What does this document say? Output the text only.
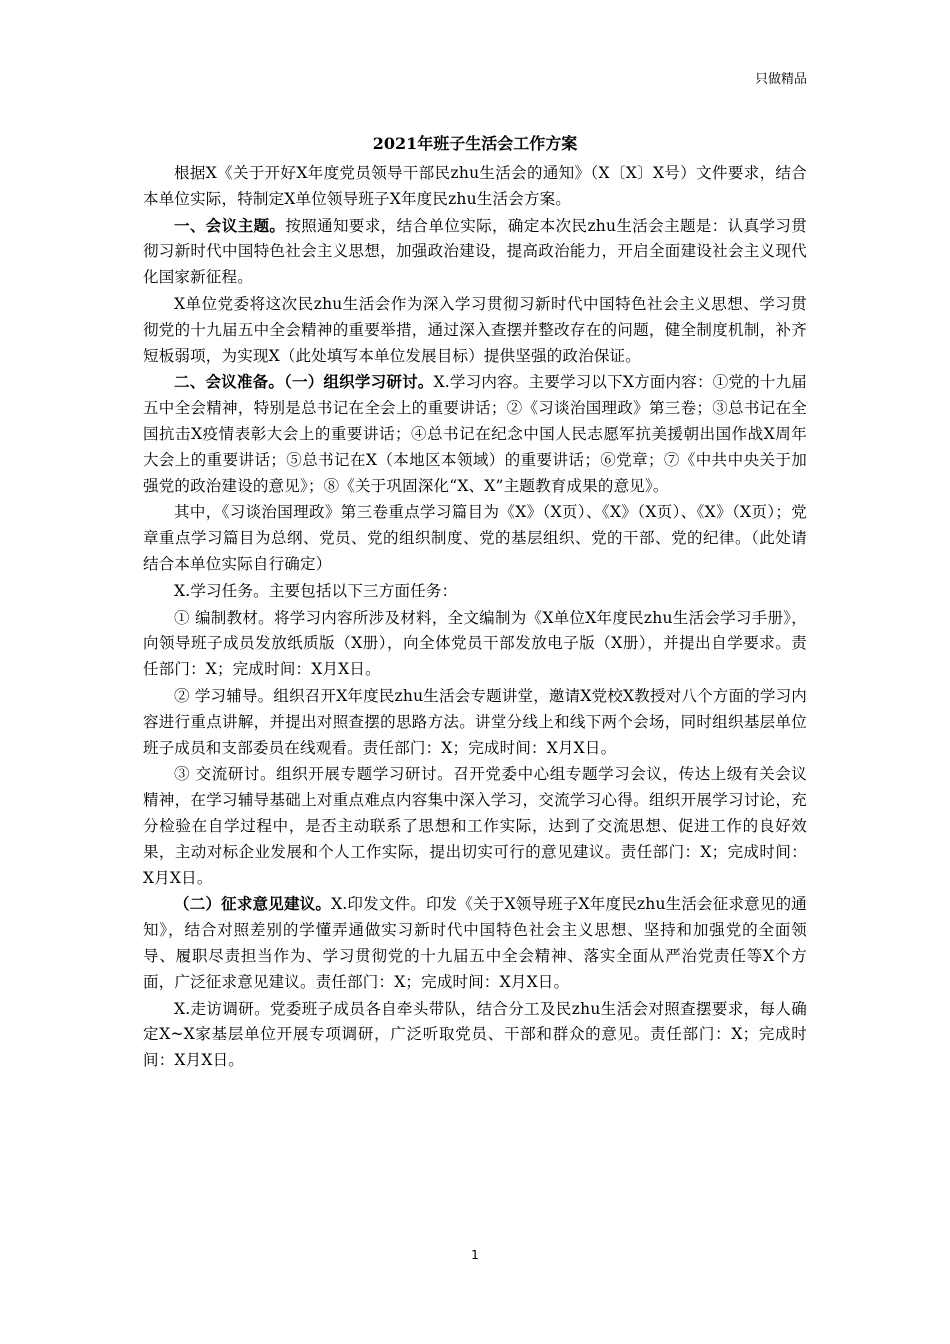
只做精品
2021年班子生活会工作方案

根据X《关于开好X年度党员领导干部民zhu生活会的通知》（X〔X〕X号）文件要求，结合本单位实际，特制定X单位领导班子X年度民zhu生活会方案。

一、会议主题。按照通知要求，结合单位实际，确定本次民zhu生活会主题是：认真学习贯彻习新时代中国特色社会主义思想，加强政治建设，提高政治能力，开启全面建设社会主义现代化国家新征程。

X单位党委将这次民zhu生活会作为深入学习贯彻习新时代中国特色社会主义思想、学习贯彻党的十九届五中全会精神的重要举措，通过深入查摆并整改存在的问题，健全制度机制，补齐短板弱项，为实现X（此处填写本单位发展目标）提供坚强的政治保证。

二、会议准备。（一）组织学习研讨。X.学习内容。主要学习以下X方面内容：①党的十九届五中全会精神，特别是总书记在全会上的重要讲话；②《习谈治国理政》第三卷；③总书记在全国抗击X疫情表彰大会上的重要讲话；④总书记在纪念中国人民志愿军抗美援朝出国作战X周年大会上的重要讲话；⑤总书记在X（本地区本领域）的重要讲话；⑥党章；⑦《中共中央关于加强党的政治建设的意见》；⑧《关于巩固深化“X、X”主题教育成果的意见》。

其中，《习谈治国理政》第三卷重点学习篇目为《X》（X页）、《X》（X页）、《X》（X页）；党章重点学习篇目为总纲、党员、党的组织制度、党的基层组织、党的干部、党的纪律。（此处请结合本单位实际自行确定）

X.学习任务。主要包括以下三方面任务：

① 编制教材。将学习内容所涉及材料，全文编制为《X单位X年度民zhu生活会学习手册》，向领导班子成员发放纸质版（X册），向全体党员干部发放电子版（X册），并提出自学要求。责任部门：X；完成时间：X月X日。

② 学习辅导。组织召开X年度民zhu生活会专题讲堂，邀请X党校X教授对八个方面的学习内容进行重点讲解，并提出对照查摆的思路方法。讲堂分线上和线下两个会场，同时组织基层单位班子成员和支部委员在线观看。责任部门：X；完成时间：X月X日。

③ 交流研讨。组织开展专题学习研讨。召开党委中心组专题学习会议，传达上级有关会议精神，在学习辅导基础上对重点难点内容集中深入学习，交流学习心得。组织开展学习讨论，充分检验在自学过程中，是否主动联系了思想和工作实际，达到了交流思想、促进工作的良好效果，主动对标企业发展和个人工作实际，提出切实可行的意见建议。责任部门：X；完成时间：X月X日。

（二）征求意见建议。X.印发文件。印发《关于X领导班子X年度民zhu生活会征求意见的通知》，结合对照差别的学懂弄通做实习新时代中国特色社会主义思想、坚持和加强党的全面领导、履职尽责担当作为、学习贯彻党的十九届五中全会精神、落实全面从严治党责任等X个方面，广泛征求意见建议。责任部门：X；完成时间：X月X日。

X.走访调研。党委班子成员各自牵头带队，结合分工及民zhu生活会对照查摆要求，每人确定X~X家基层单位开展专项调研，广泛听取党员、干部和群众的意见。责任部门：X；完成时间：X月X日。

1
